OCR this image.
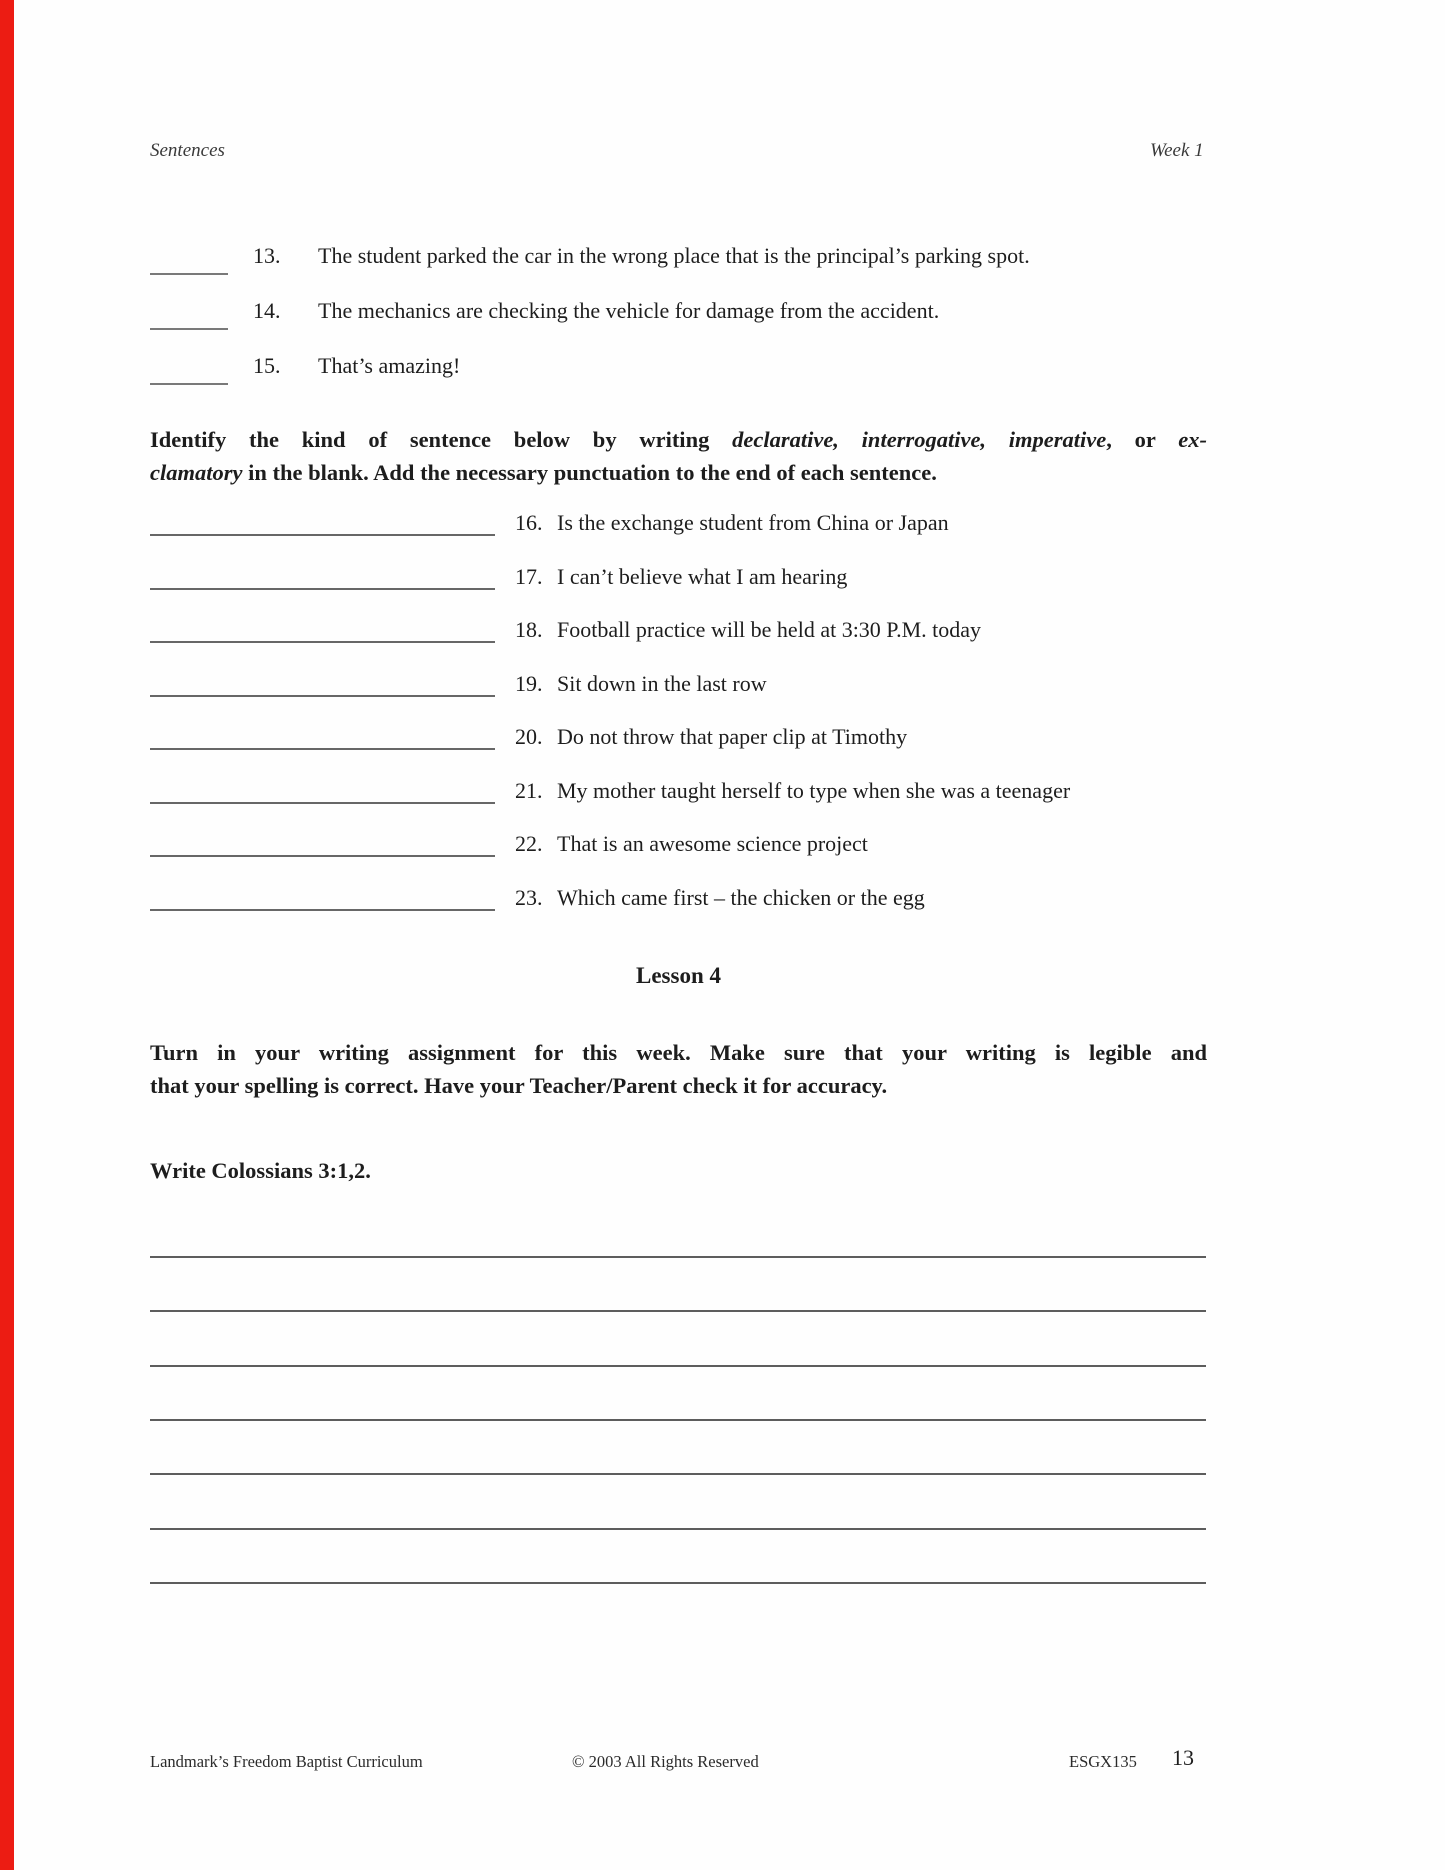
Sentences	Week 1
13. The student parked the car in the wrong place that is the principal’s parking spot.
14. The mechanics are checking the vehicle for damage from the accident.
15. That’s amazing!
Identify the kind of sentence below by writing declarative, interrogative, imperative, or ex-
clamatory in the blank. Add the necessary punctuation to the end of each sentence.
16. Is the exchange student from China or Japan
17. I can’t believe what I am hearing
18. Football practice will be held at 3:30 P.M. today
19. Sit down in the last row
20. Do not throw that paper clip at Timothy
21. My mother taught herself to type when she was a teenager
22. That is an awesome science project
23. Which came first – the chicken or the egg
Lesson 4
Turn in your writing assignment for this week. Make sure that your writing is legible and
that your spelling is correct. Have your Teacher/Parent check it for accuracy.
Write Colossians 3:1,2.
Landmark’s Freedom Baptist Curriculum	© 2003 All Rights Reserved	ESGX135 13
